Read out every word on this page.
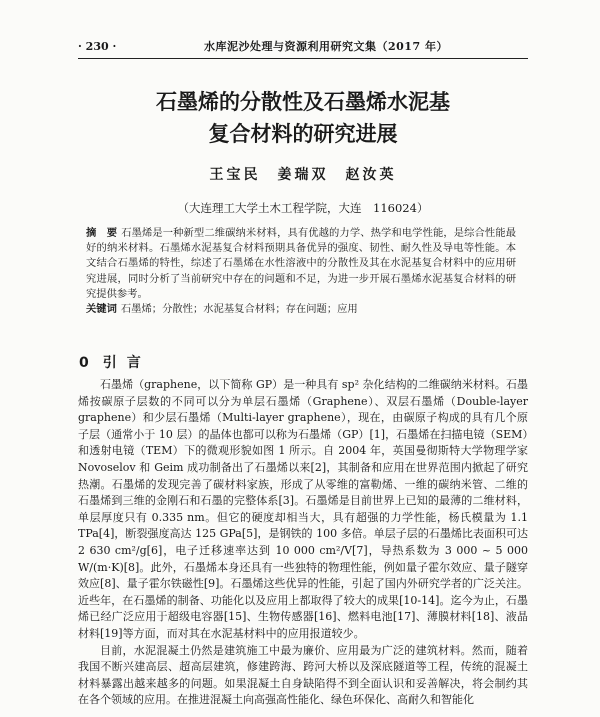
· 230 ·	水库泥沙处理与资源利用研究文集（2017 年）
石墨烯的分散性及石墨烯水泥基
复合材料的研究进展
王宝民　姜瑞双　赵汝英
（大连理工大学土木工程学院，大连　116024）

摘　要 石墨烯是一种新型二维碳纳米材料，具有优越的力学、热学和电学性能，是综合性能最好的纳米材料。石墨烯水泥基复合材料预期具备优异的强度、韧性、耐久性及导电等性能。本文结合石墨烯的特性，综述了石墨烯在水性溶液中的分散性及其在水泥基复合材料中的应用研究进展，同时分析了当前研究中存在的问题和不足，为进一步开展石墨烯水泥基复合材料的研究提供参考。

关键词 石墨烯；分散性；水泥基复合材料；存在问题；应用

0 引言

石墨烯（graphene，以下简称 GP）是一种具有 sp² 杂化结构的二维碳纳米材料。石墨烯按碳原子层数的不同可以分为单层石墨烯（Graphene）、双层石墨烯（Double-layer graphene）和少层石墨烯（Multi-layer graphene），现在，由碳原子构成的具有几个原子层（通常小于 10 层）的晶体也都可以称为石墨烯（GP）[1]，石墨烯在扫描电镜（SEM）和透射电镜（TEM）下的微观形貌如图 1 所示。自 2004 年，英国曼彻斯特大学物理学家 Novoselov 和 Geim 成功制备出了石墨烯以来[2]，其制备和应用在世界范围内掀起了研究热潮。石墨烯的发现完善了碳材料家族，形成了从零维的富勒烯、一维的碳纳米管、二维的石墨烯到三维的金刚石和石墨的完整体系[3]。石墨烯是目前世界上已知的最薄的二维材料，单层厚度只有 0.335 nm。但它的硬度却相当大，具有超强的力学性能，杨氏模量为 1.1 TPa[4]，断裂强度高达 125 GPa[5]，是钢铁的 100 多倍。单层子层的石墨烯比表面积可达 2 630 cm²/g[6]，电子迁移速率达到 10 000 cm²/V[7]，导热系数为 3 000 ~ 5 000 W/(m·K)[8]。此外，石墨烯本身还具有一些独特的物理性能，例如量子霍尔效应、量子隧穿效应[8]、量子霍尔铁磁性[9]。石墨烯这些优异的性能，引起了国内外研究学者的广泛关注。近些年，在石墨烯的制备、功能化以及应用上都取得了较大的成果[10-14]。迄今为止，石墨烯已经广泛应用于超级电容器[15]、生物传感器[16]、燃料电池[17]、薄膜材料[18]、液晶材料[19]等方面，而对其在水泥基材料中的应用报道较少。

目前，水泥混凝土仍然是建筑施工中最为廉价、应用最为广泛的建筑材料。然而，随着我国不断兴建高层、超高层建筑，修建跨海、跨河大桥以及深底隧道等工程，传统的混凝土材料暴露出越来越多的问题。如果混凝土自身缺陷得不到全面认识和妥善解决，将会制约其在各个领域的应用。在推进混凝土向高强高性能化、绿色环保化、高耐久和智能化
